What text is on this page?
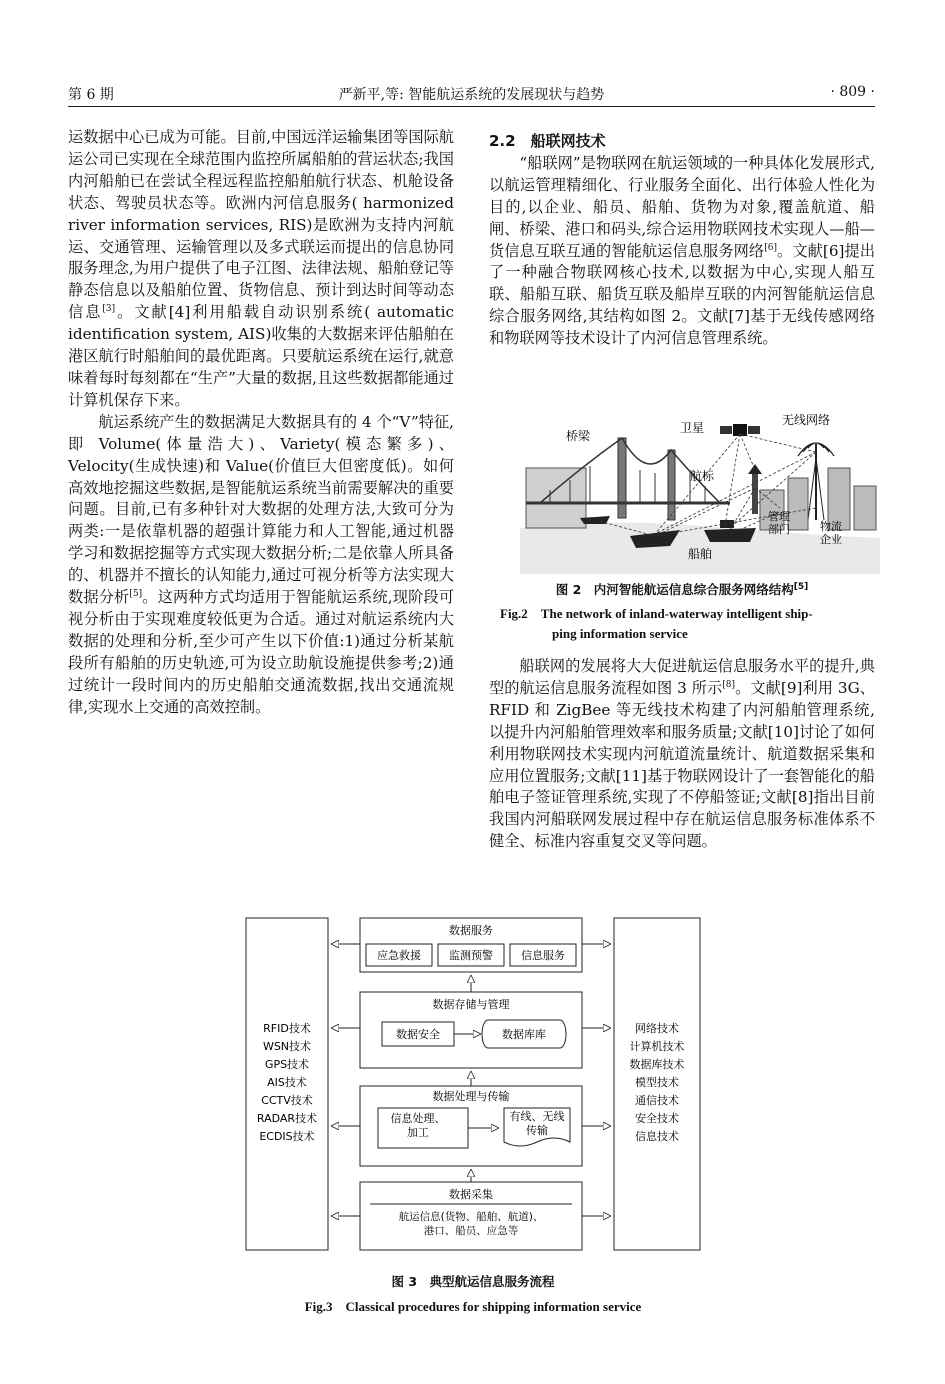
第 6 期	严新平,等: 智能航运系统的发展现状与趋势	· 809 ·

运数据中心已成为可能。目前,中国远洋运输集团等国际航运公司已实现在全球范围内监控所属船舶的营运状态;我国内河船舶已在尝试全程远程监控船舶航行状态、机舱设备状态、驾驶员状态等。欧洲内河信息服务( harmonized river information services, RIS)是欧洲为支持内河航运、交通管理、运输管理以及多式联运而提出的信息协同服务理念,为用户提供了电子江图、法律法规、船舶登记等静态信息以及船舶位置、货物信息、预计到达时间等动态信息[3]。文献[4]利用船载自动识别系统( automatic identification system, AIS)收集的大数据来评估船舶在港区航行时船舶间的最优距离。只要航运系统在运行,就意味着每时每刻都在“生产”大量的数据,且这些数据都能通过计算机保存下来。

航运系统产生的数据满足大数据具有的 4 个“V”特征,即 Volume(体量浩大)、Variety(模态繁多)、Velocity(生成快速)和 Value(价值巨大但密度低)。如何高效地挖掘这些数据,是智能航运系统当前需要解决的重要问题。目前,已有多种针对大数据的处理方法,大致可分为两类:一是依靠机器的超强计算能力和人工智能,通过机器学习和数据挖掘等方式实现大数据分析;二是依靠人所具备的、机器并不擅长的认知能力,通过可视分析等方法实现大数据分析[5]。这两种方式均适用于智能航运系统,现阶段可视分析由于实现难度较低更为合适。通过对航运系统内大数据的处理和分析,至少可产生以下价值:1)通过分析某航段所有船舶的历史轨迹,可为设立助航设施提供参考;2)通过统计一段时间内的历史船舶交通流数据,找出交通流规律,实现水上交通的高效控制。

2.2　船联网技术

“船联网”是物联网在航运领域的一种具体化发展形式,以航运管理精细化、行业服务全面化、出行体验人性化为目的,以企业、船员、船舶、货物为对象,覆盖航道、船闸、桥梁、港口和码头,综合运用物联网技术实现人—船—货信息互联互通的智能航运信息服务网络[6]。文献[6]提出了一种融合物联网核心技术,以数据为中心,实现人船互联、船船互联、船货互联及船岸互联的内河智能航运信息综合服务网络,其结构如图 2。文献[7]基于无线传感网络和物联网等技术设计了内河信息管理系统。

桥梁
卫星
无线网络
航标
船舶
管理部门	物流企业
图 2　内河智能航运信息综合服务网络结构[5]
Fig.2　The network of inland-waterway intelligent ship-
ping information service

船联网的发展将大大促进航运信息服务水平的提升,典型的航运信息服务流程如图 3 所示[8]。文献[9]利用 3G、RFID 和 ZigBee 等无线技术构建了内河船舶管理系统,以提升内河船舶管理效率和服务质量;文献[10]讨论了如何利用物联网技术实现内河航道流量统计、航道数据采集和应用位置服务;文献[11]基于物联网设计了一套智能化的船舶电子签证管理系统,实现了不停船签证;文献[8]指出目前我国内河船联网发展过程中存在航运信息服务标准体系不健全、标准内容重复交叉等问题。

RFID技术
WSN技术
GPS技术
AIS技术
CCTV技术
RADAR技术
ECDIS技术
网络技术
计算机技术
数据库技术
模型技术
通信技术
安全技术
信息技术
数据服务
应急救援	监测预警	信息服务
数据存储与管理
数据安全	数据库库
数据处理与传输
信息处理、加工
有线、无线传输
数据采集
航运信息(货物、船舶、航道)、港口、船员、应急等
图 3　典型航运信息服务流程
Fig.3　Classical procedures for shipping information service
